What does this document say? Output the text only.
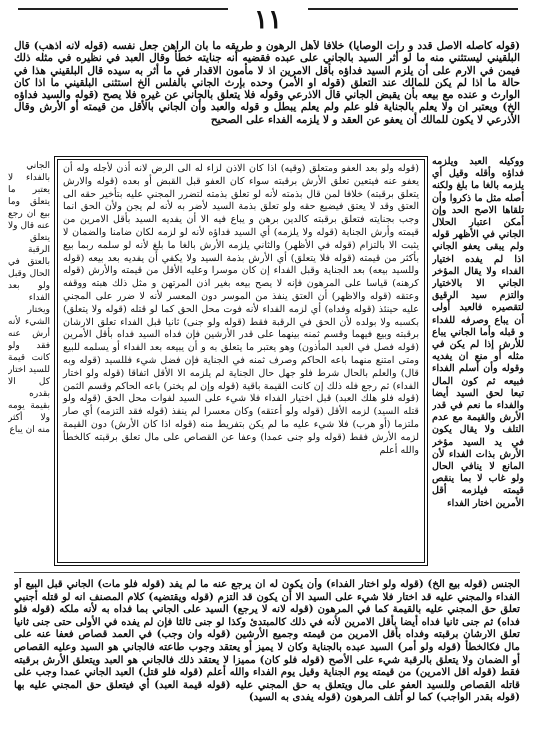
١١

(قوله كأصله الاصل قدد و رات الوصايا) خلافا لأهل الرهون و طريقه ما بان الراهن جعل نفسه (قوله لانه اذهب) قال البلقيني ليستثني منه ما لو أثر السيد بالجاني على عبده فقضيه أنه جنايته خطأ وقال العبد في نظيره في مثله ذلك فيمن في الارم على أن يلزم السيد فداؤه بأقل الامرين اذ لا مأمون الاقدار في ما أثر به سيده قال البلقيني هذا في حالة ما اذا لم يكن للمالك عند التعلق (قوله او الأمر) وحده بإرث الجاني بالفلس الخ استثنى البلقيني ما اذا كان الوارث و عنده مع بيعه بأن يقبض الجاني قال الاذرعي وقوله فلا يتعلق بالجاني عن غيره فلا يصح (قوله والسيد فداؤه الخ) ويعتبر ان ولا يعلم بالجناية فلو علم ولم يعلم يبطل و قوله والعبد وأن الجاني بالأقل من قيمته أو الأرش وقال الأذرعي لا يكون للمالك أن يعفو عن العقد و لا يلزمه الفداء على الصحيح

الجاني بالفداء لا يعتبر ما يتعلق وما بيع ان رجع عنه قال ولا يتعلق الرقبة بالعتق في الحال وقبل ولو بعد الفداء ويختار الشيء لأنه أرش عنه فقد ولو كانت قيمة للسيد اختار كل الا بقدره بقيمة يومه ولا أكثر منه ان يباع
(قوله ولو بعد العفو ومتعلق (وقيه) اذا كان الاذن لزاء له الى الرض لانه أذن لأجله وله أن يعفو عنه فيتعين تعلق الأرش برقبته سواء كان العفو قبل القبض أو بعده (قوله والارش يتعلق برقبته) خلافا لمن قال بذمته لأنه لو تعلق بذمته لتضرر المجني عليه بتأخير حقه الى العتق وقد لا يعتق فيضيع حقه ولو تعلق بذمة السيد لأضر به لأنه لم يجن ولأن الحق انما وجب بجنايته فتعلق برقبته كالدين برهن و يباع فيه الا أن يفديه السيد بأقل الامرين من قيمته وأرش الجناية (قوله ولا يلزمه) أي السيد فداؤه لأنه لو لزمه لكان ضامنا والضمان لا يثبت الا بالتزام (قوله في الأظهر) والثاني يلزمه الأرش بالغا ما بلغ لأنه لو سلمه ربما بيع بأكثر من قيمته (قوله فلا يتعلق) أي الأرش بذمة السيد ولا يكفي أن يفديه بعد بيعه (قوله وللسيد بيعه) بعد الجناية وقبل الفداء إن كان موسرا وعليه الأقل من قيمته والأرش (قوله كرهنه) قياسا على المرهون فإنه لا يصح بيعه بغير اذن المرتهن و مثل ذلك هبته ووقفه وعتقه (قوله والاظهر) أن العتق ينفذ من الموسر دون المعسر لأنه لا ضرر على المجني عليه حينئذ (قوله وفداه) أي لزمه الفداء لأنه فوت محل الحق كما لو قتله (قوله ولا يتعلق) بكسبه ولا بولده لأن الحق في الرقبة فقط (قوله ولو جنى) ثانيا قبل الفداء تعلق الارشان برقبته وبيع فيهما وقسم ثمنه بينهما على قدر الأرشين فإن فداه السيد فداه بأقل الأمرين (قوله فصل في العبد المأذون) وهو يعتبر ما يتعلق به و أن يبيعه بعد الفداء أو يسلمه للبيع ومتى امتنع منهما باعه الحاكم وصرف ثمنه في الجناية فإن فضل شيء فللسيد (قوله وبه قال) والعلم بالحال شرط فلو جهل حال الجناية لم يلزمه الا الأقل اتفاقا (قوله ولو اختار الفداء) ثم رجع فله ذلك إن كانت القيمة باقية (قوله وإن لم يختر) باعه الحاكم وقسم الثمن (قوله فلو هلك العبد) قبل اختيار الفداء فلا شيء على السيد لفوات محل الحق (قوله ولو قتله السيد) لزمه الأقل (قوله ولو أعتقه) وكان معسرا لم ينفذ (قوله فقد التزمه) أي صار ملتزما (أو هرب) فلا شيء عليه ما لم يكن بتفريط منه (قوله اذا كان الأرش) دون القيمة لزمه الأرش فقط (قوله ولو جنى عمدا) وعفا عن القصاص على مال تعلق برقبته كالخطأ والله أعلم
ووكيله العبد ويلزمه فداؤه وأقله وقيل أي يلزمه بالغا ما بلغ ولكنه أصله مثل ما ذكروا وأن تلقاها الاصح الحد وإن أمكن اعتبار الحلال الجاني في الأظهر قوله ولم يبقى يعفو الجاني اذا لم يفده اختيار الفداء ولا يقال المؤخر الجاني الا بالاختيار والتزم سيد الرقيق لتقصيره فالعبد أولى أن يباع وصرفه للفداء و قبله وأما الجاني يباع للأرش إذا لم يكن في مثله أو منع ان يفديه وقوله وأن أسلم الفداء فبيعه ثم كون المال تبعا لحق السيد أيضا والفداء ما نعم في قدر الأرش والقيمة مع عدم التلف ولا يقال يكون في يد السيد مؤخر الأرش بذات الفداء لأن المانع لا ينافي الحال ولو غاب لا بما ينقص قيمته فيلزمه أقل الأمرين اختار الفداء

الجنس (قوله بيع الخ) (قوله ولو اختار الفداء) وأن يكون له ان يرجع عنه ما لم يفد (قوله فلو مات) الجاني قبل البيع أو الفداء والمجني عليه قد اختار فلا شيء على السيد الا أن يكون قد التزم (قوله ويقتضيه) كلام المصنف انه لو قتله أجنبي تعلق حق المجني عليه بالقيمة كما في المرهون (قوله لانه لا يرجع) السيد على الجاني بما فداه به لأنه ملكه (قوله فلو فداه) ثم جنى ثانيا فداه أيضا بأقل الامرين لأنه في ذلك كالمبتدئ وكذا لو جنى ثالثا فإن لم يفده في الأولى حتى جنى ثانيا تعلق الارشان برقبته وفداه بأقل الامرين من قيمته وجميع الأرشين (قوله وان وجب) في العمد قصاص فعفا عنه على مال فكالخطأ (قوله ولو أمر) السيد عبده بالجناية وكان لا يميز أو يعتقد وجوب طاعته فالجاني هو السيد وعليه القصاص أو الضمان ولا يتعلق بالرقبة شيء على الأصح (قوله فلو كان) مميزا لا يعتقد ذلك فالجاني هو العبد ويتعلق الأرش برقبته فقط (قوله اقل الامرين) من قيمته يوم الجناية وقيل يوم الفداء والله أعلم (قوله فلو قتل) العبد الجاني عمدا وجب على قاتله القصاص وللسيد العفو على مال ويتعلق به حق المجني عليه (قوله قيمة العبد) أي فيتعلق حق المجني عليه بها (قوله بقدر الواجب) كما لو أتلف المرهون (قوله يفدى به السيد)
